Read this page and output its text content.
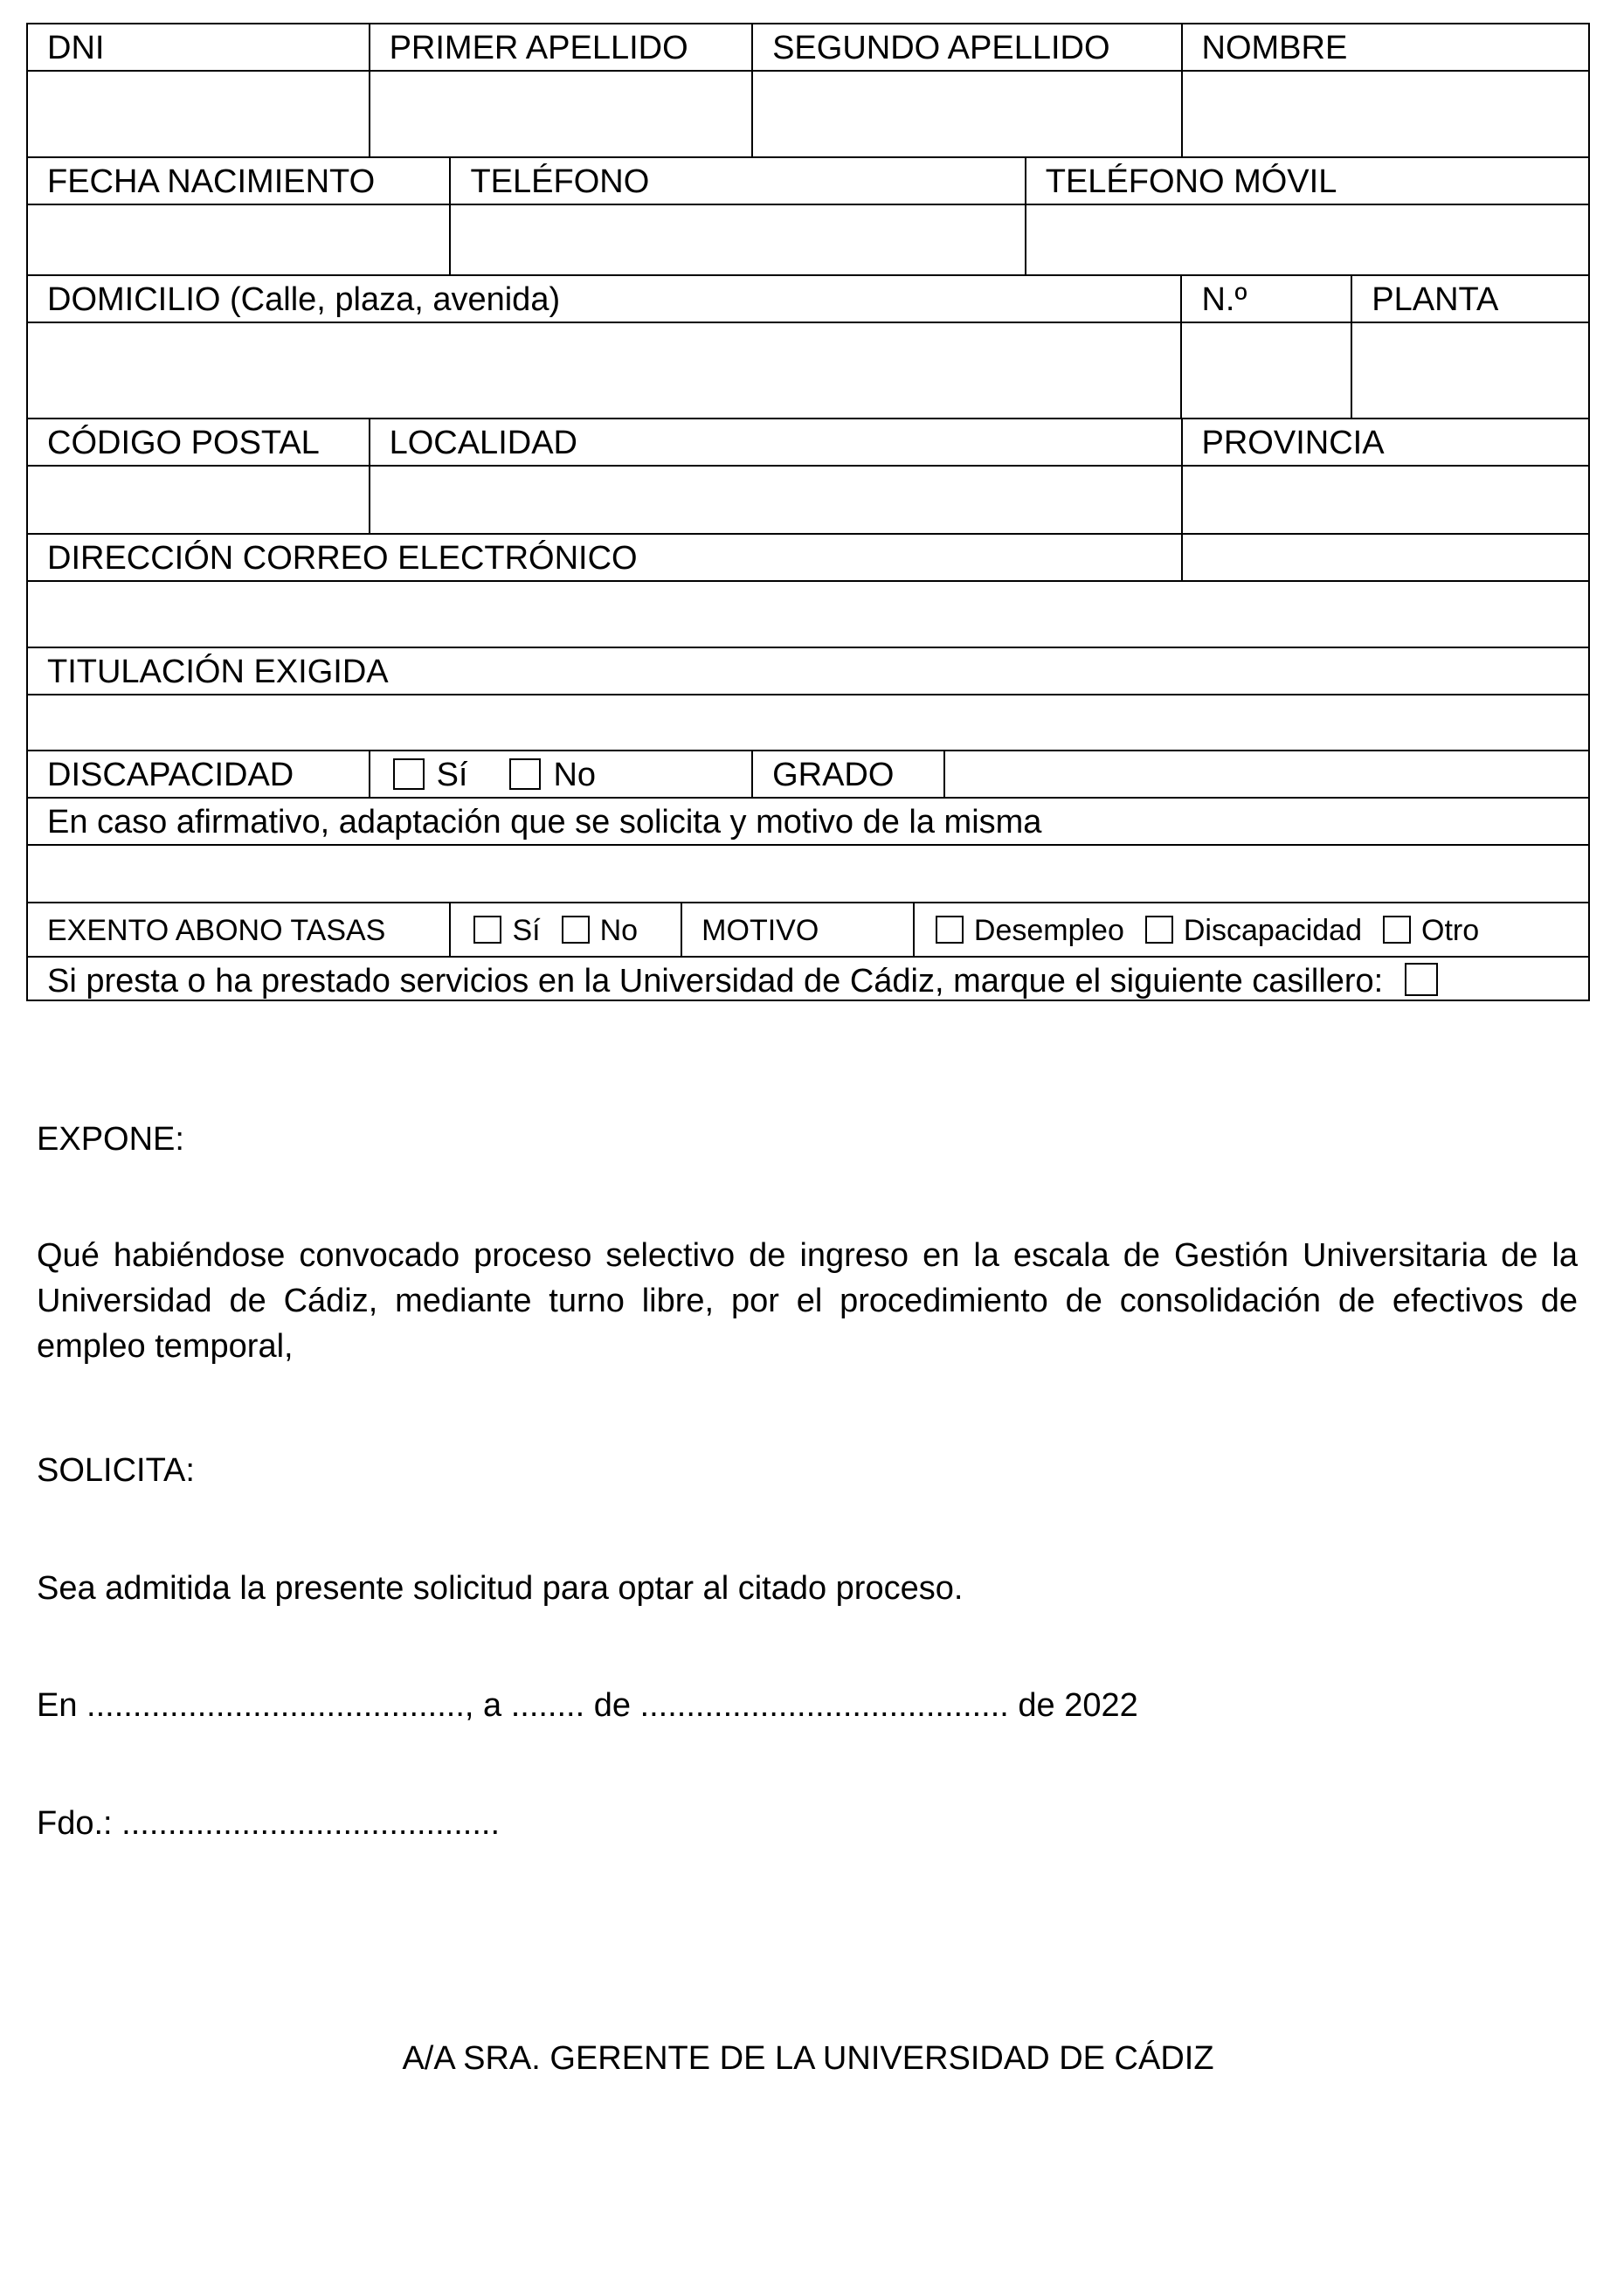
DNI	PRIMER APELLIDO	SEGUNDO APELLIDO	NOMBRE
FECHA NACIMIENTO	TELÉFONO	TELÉFONO MÓVIL
DOMICILIO (Calle, plaza, avenida)	N.º	PLANTA
CÓDIGO POSTAL	LOCALIDAD	PROVINCIA
DIRECCIÓN CORREO ELECTRÓNICO
TITULACIÓN EXIGIDA
DISCAPACIDAD	Sí	No	GRADO
En caso afirmativo, adaptación que se solicita y motivo de la misma
EXENTO ABONO TASAS	Sí No	MOTIVO	Desempleo Discapacidad Otro
Si presta o ha prestado servicios en la Universidad de Cádiz, marque el siguiente casillero:
EXPONE:
Qué habiéndose convocado proceso selectivo de ingreso en la escala de Gestión Universitaria de la Universidad de Cádiz, mediante turno libre, por el procedimiento de consolidación de efectivos de empleo temporal,
SOLICITA:
Sea admitida la presente solicitud para optar al citado proceso.
En ........................................., a ........ de ........................................ de 2022
Fdo.: .........................................
A/A SRA. GERENTE DE LA UNIVERSIDAD DE CÁDIZ
